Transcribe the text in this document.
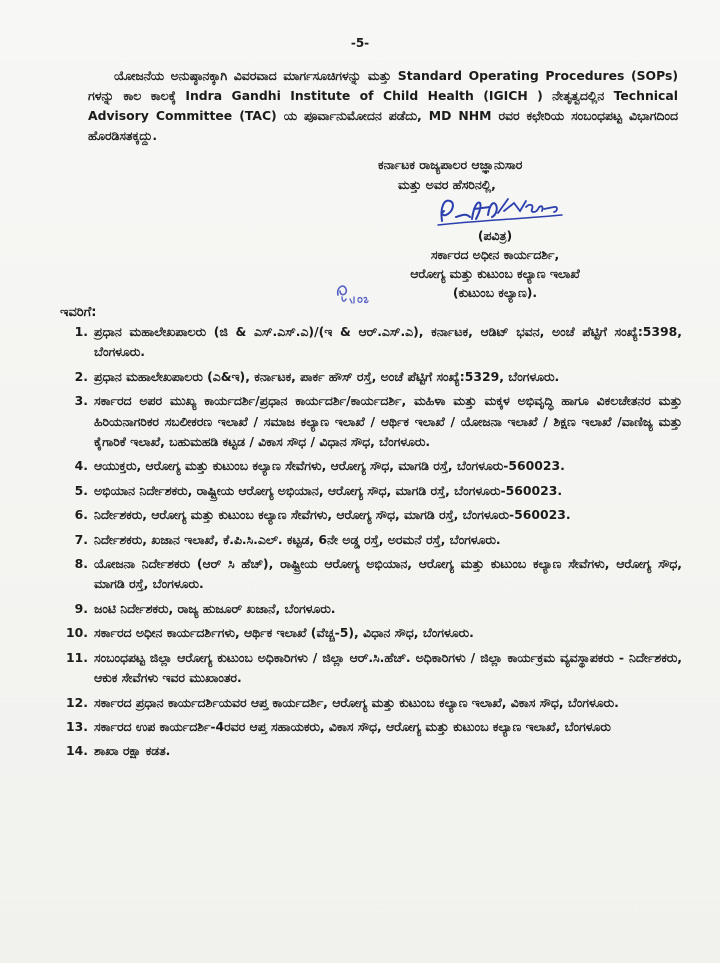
-5-

ಯೋಜನೆಯ ಅನುಷ್ಠಾನಕ್ಕಾಗಿ ವಿವರವಾದ ಮಾರ್ಗಸೂಚಿಗಳನ್ನು ಮತ್ತು Standard Operating Procedures (SOPs) ಗಳನ್ನು ಕಾಲ ಕಾಲಕ್ಕೆ Indra Gandhi Institute of Child Health (IGICH ) ನೇತೃತ್ವದಲ್ಲಿನ Technical Advisory Committee (TAC) ಯ ಪೂರ್ವಾನುಮೋದನ ಪಡೆದು, MD NHM ರವರ ಕಛೇರಿಯ ಸಂಬಂಧಪಟ್ಟ ವಿಭಾಗದಿಂದ ಹೊರಡಿಸತಕ್ಕದ್ದು.

ಕರ್ನಾಟಕ ರಾಜ್ಯಪಾಲರ ಆಜ್ಞಾನುಸಾರ
ಮತ್ತು ಅವರ ಹೆಸರಿನಲ್ಲಿ,
(ಪವಿತ್ರ)
ಸರ್ಕಾರದ ಅಧೀನ ಕಾರ್ಯದರ್ಶಿ,
ಆರೋಗ್ಯ ಮತ್ತು ಕುಟುಂಬ ಕಲ್ಯಾಣ ಇಲಾಖೆ
(ಕುಟುಂಬ ಕಲ್ಯಾಣ).
ಇವರಿಗೆ:
1. ಪ್ರಧಾನ ಮಹಾಲೇಖಪಾಲರು (ಜಿ & ಎಸ್.ಎಸ್.ಎ)/(ಇ & ಆರ್.ಎಸ್.ಎ), ಕರ್ನಾಟಕ, ಆಡಿಟ್ ಭವನ, ಅಂಚೆ ಪೆಟ್ಟಿಗೆ ಸಂಖ್ಯೆ:5398, ಬೆಂಗಳೂರು.
2. ಪ್ರಧಾನ ಮಹಾಲೇಖಪಾಲರು (ಎ&ಇ), ಕರ್ನಾಟಕ, ಪಾರ್ಕ ಹೌಸ್ ರಸ್ತೆ, ಅಂಚೆ ಪೆಟ್ಟಿಗೆ ಸಂಖ್ಯೆ:5329, ಬೆಂಗಳೂರು.
3. ಸರ್ಕಾರದ ಅಪರ ಮುಖ್ಯ ಕಾರ್ಯದರ್ಶಿ/ಪ್ರಧಾನ ಕಾರ್ಯದರ್ಶಿ/ಕಾರ್ಯದರ್ಶಿ, ಮಹಿಳಾ ಮತ್ತು ಮಕ್ಕಳ ಅಭಿವೃದ್ಧಿ ಹಾಗೂ ವಿಕಲಚೇತನರ ಮತ್ತು ಹಿರಿಯನಾಗರಿಕರ ಸಬಲೀಕರಣ ಇಲಾಖೆ / ಸಮಾಜ ಕಲ್ಯಾಣ ಇಲಾಖೆ / ಆರ್ಥಿಕ ಇಲಾಖೆ / ಯೋಜನಾ ಇಲಾಖೆ / ಶಿಕ್ಷಣ ಇಲಾಖೆ /ವಾಣಿಜ್ಯ ಮತ್ತು ಕೈಗಾರಿಕೆ ಇಲಾಖೆ, ಬಹುಮಹಡಿ ಕಟ್ಟಡ / ವಿಕಾಸ ಸೌಧ / ವಿಧಾನ ಸೌಧ, ಬೆಂಗಳೂರು.
4. ಆಯುಕ್ತರು, ಆರೋಗ್ಯ ಮತ್ತು ಕುಟುಂಬ ಕಲ್ಯಾಣ ಸೇವೆಗಳು, ಆರೋಗ್ಯ ಸೌಧ, ಮಾಗಡಿ ರಸ್ತೆ, ಬೆಂಗಳೂರು-560023.
5. ಅಭಿಯಾನ ನಿರ್ದೇಶಕರು, ರಾಷ್ಟ್ರೀಯ ಆರೋಗ್ಯ ಅಭಿಯಾನ, ಆರೋಗ್ಯ ಸೌಧ, ಮಾಗಡಿ ರಸ್ತೆ, ಬೆಂಗಳೂರು-560023.
6. ನಿರ್ದೇಶಕರು, ಆರೋಗ್ಯ ಮತ್ತು ಕುಟುಂಬ ಕಲ್ಯಾಣ ಸೇವೆಗಳು, ಆರೋಗ್ಯ ಸೌಧ, ಮಾಗಡಿ ರಸ್ತೆ, ಬೆಂಗಳೂರು-560023.
7. ನಿರ್ದೇಶಕರು, ಖಜಾನ ಇಲಾಖೆ, ಕೆ.ಪಿ.ಸಿ.ಎಲ್. ಕಟ್ಟಡ, 6ನೇ ಅಡ್ಡ ರಸ್ತೆ, ಅರಮನೆ ರಸ್ತೆ, ಬೆಂಗಳೂರು.
8. ಯೋಜನಾ ನಿರ್ದೇಶಕರು (ಆರ್ ಸಿ ಹೆಚ್), ರಾಷ್ಟ್ರೀಯ ಆರೋಗ್ಯ ಅಭಿಯಾನ, ಆರೋಗ್ಯ ಮತ್ತು ಕುಟುಂಬ ಕಲ್ಯಾಣ ಸೇವೆಗಳು, ಆರೋಗ್ಯ ಸೌಧ, ಮಾಗಡಿ ರಸ್ತೆ, ಬೆಂಗಳೂರು.
9. ಜಂಟಿ ನಿರ್ದೇಶಕರು, ರಾಜ್ಯ ಹುಜೂರ್ ಖಜಾನೆ, ಬೆಂಗಳೂರು.
10. ಸರ್ಕಾರದ ಅಧೀನ ಕಾರ್ಯದರ್ಶಿಗಳು, ಆರ್ಥಿಕ ಇಲಾಖೆ (ವೆಚ್ಚ-5), ವಿಧಾನ ಸೌಧ, ಬೆಂಗಳೂರು.
11. ಸಂಬಂಧಪಟ್ಟ ಜಿಲ್ಲಾ ಆರೋಗ್ಯ ಕುಟುಂಬ ಅಧಿಕಾರಿಗಳು / ಜಿಲ್ಲಾ ಆರ್.ಸಿ.ಹೆಚ್. ಅಧಿಕಾರಿಗಳು / ಜಿಲ್ಲಾ ಕಾರ್ಯಕ್ರಮ ವ್ಯವಸ್ಥಾಪಕರು - ನಿರ್ದೇಶಕರು, ಆಕುಕ ಸೇವೆಗಳು ಇವರ ಮುಖಾಂತರ.
12. ಸರ್ಕಾರದ ಪ್ರಧಾನ ಕಾರ್ಯದರ್ಶಿಯವರ ಆಪ್ತ ಕಾರ್ಯದರ್ಶಿ, ಆರೋಗ್ಯ ಮತ್ತು ಕುಟುಂಬ ಕಲ್ಯಾಣ ಇಲಾಖೆ, ವಿಕಾಸ ಸೌಧ, ಬೆಂಗಳೂರು.
13. ಸರ್ಕಾರದ ಉಪ ಕಾರ್ಯದರ್ಶಿ-4ರವರ ಆಪ್ತ ಸಹಾಯಕರು, ವಿಕಾಸ ಸೌಧ, ಆರೋಗ್ಯ ಮತ್ತು ಕುಟುಂಬ ಕಲ್ಯಾಣ ಇಲಾಖೆ, ಬೆಂಗಳೂರು
14. ಶಾಖಾ ರಕ್ಷಾ ಕಡತ.
